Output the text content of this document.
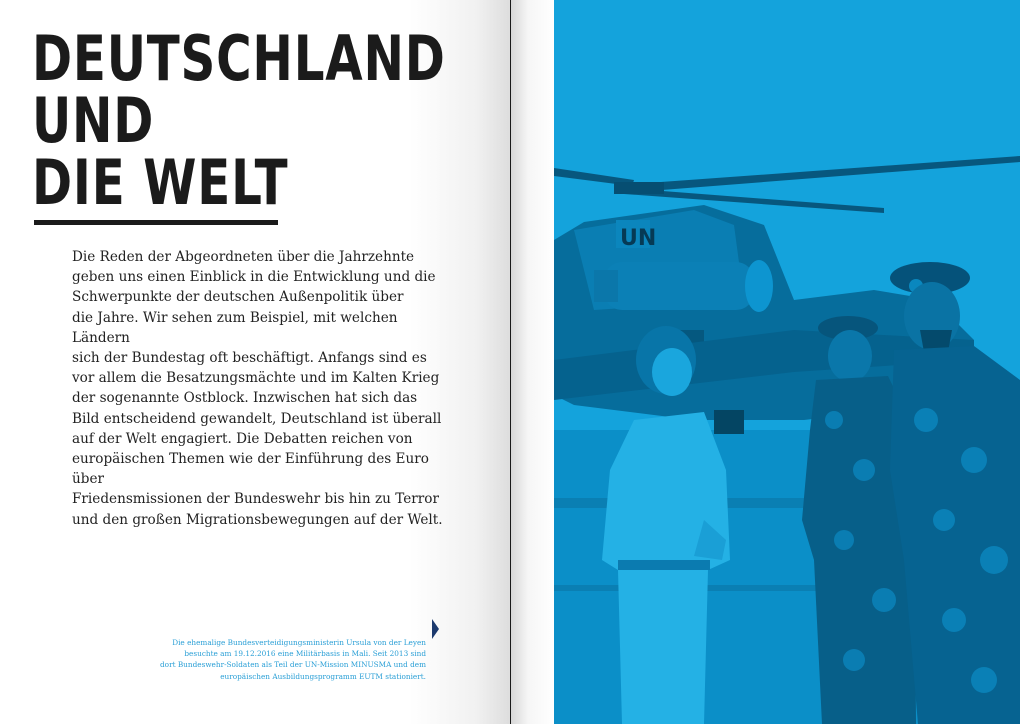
DEUTSCHLAND
UND
DIE WELT

Die Reden der Abgeordneten über die Jahrzehnte
geben uns einen Einblick in die Entwicklung und die
Schwerpunkte der deutschen Außenpolitik über
die Jahre. Wir sehen zum Beispiel, mit welchen Ländern
sich der Bundestag oft beschäftigt. Anfangs sind es
vor allem die Besatzungsmächte und im Kalten Krieg
der sogenannte Ostblock. Inzwischen hat sich das
Bild entscheidend gewandelt, Deutschland ist überall
auf der Welt engagiert. Die Debatten reichen von
europäischen Themen wie der Einführung des Euro über
Friedensmissionen der Bundeswehr bis hin zu Terror
und den großen Migrationsbewegungen auf der Welt.

Die ehemalige Bundesverteidigungsministerin Ursula von der Leyen
besuchte am 19.12.2016 eine Militärbasis in Mali. Seit 2013 sind
dort Bundeswehr-Soldaten als Teil der UN-Mission MINUSMA und dem
europäischen Ausbildungsprogramm EUTM stationiert.

UN
